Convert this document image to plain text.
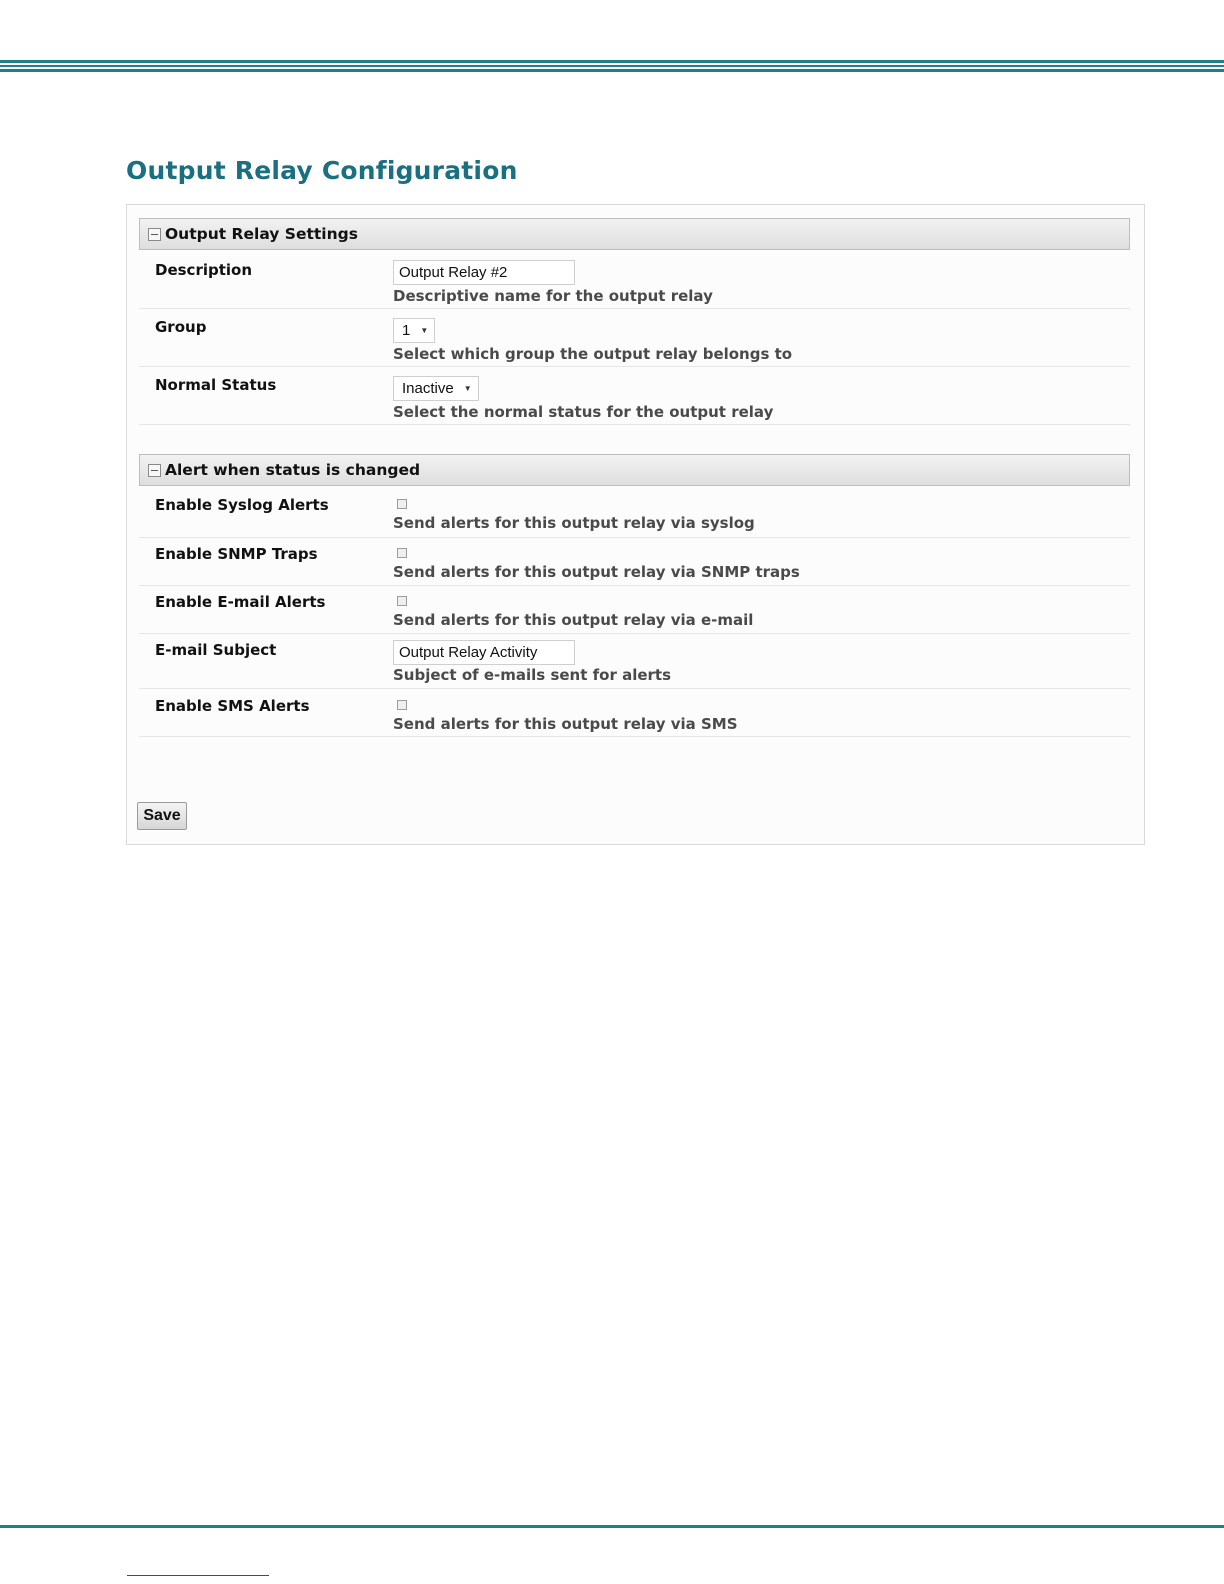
Output Relay Configuration
Output Relay Settings
Description
Output Relay #2
Descriptive name for the output relay
Group	1 ▼
Select which group the output relay belongs to
Normal Status	Inactive ▼
Select the normal status for the output relay
Alert when status is changed
Enable Syslog Alerts
Send alerts for this output relay via syslog
Enable SNMP Traps
Send alerts for this output relay via SNMP traps
Enable E-mail Alerts
Send alerts for this output relay via e-mail
E-mail Subject
Output Relay Activity
Subject of e-mails sent for alerts
Enable SMS Alerts
Send alerts for this output relay via SMS
Save
